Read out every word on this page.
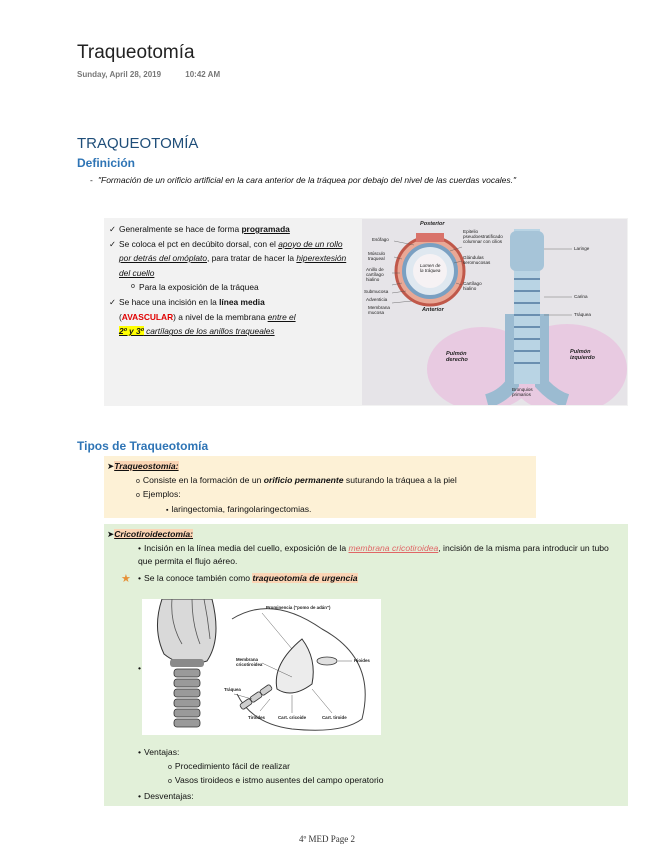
Traqueotomía
Sunday, April 28, 2019	10:42 AM
TRAQUEOTOMÍA
Definición
- "Formación de un orificio artificial en la cara anterior de la tráquea por debajo del nivel de las cuerdas vocales."
✓ Generalmente se hace de forma programada
✓ Se coloca el pct en decúbito dorsal, con el apoyo de un rollo por detrás del omóplato, para tratar de hacer la hiperextesión del cuello
o Para la exposición de la tráquea
✓ Se hace una incisión en la línea media
(AVASCULAR) a nivel de la membrana entre el
2º y 3º cartílagos de los anillos traqueales
Posterior
Anterior
Esófago
Músculo traqueal
Anillo de cartílago hialino
Submucosa
Adventicia
Membrana mucosa
Epitelio pseudoestratificado columnar con cilios
Glándulas seromucosas
Cartílago hialino
Lumen de la tráquea
Laringe
Carina
Tráquea
Pulmón derecho
Pulmón izquierdo
Bronquios primarios
Tipos de Traqueotomía
➤Traqueostomía:
o Consiste en la formación de un orificio permanente suturando la tráquea a la piel
o Ejemplos:
▪ laringectomia, faringolaringectomias.
➤Cricotiroidectomía:
• Incisión en la línea media del cuello, exposición de la membrana cricotiroidea, incisión de la misma para introducir un tubo que permita el flujo aéreo.
★
•	Se la conoce también como traqueotomía de urgencia
•
• Ventajas:
o Procedimiento fácil de realizar
o Vasos tiroideos e istmo ausentes del campo operatorio
• Desventajas:
Prominencia ("pomo de adán")
Membrana cricotiroidea
Hioides
Tráquea
Tiroides	Cart. cricoide	Cart. tiroide
4º MED Page 2
